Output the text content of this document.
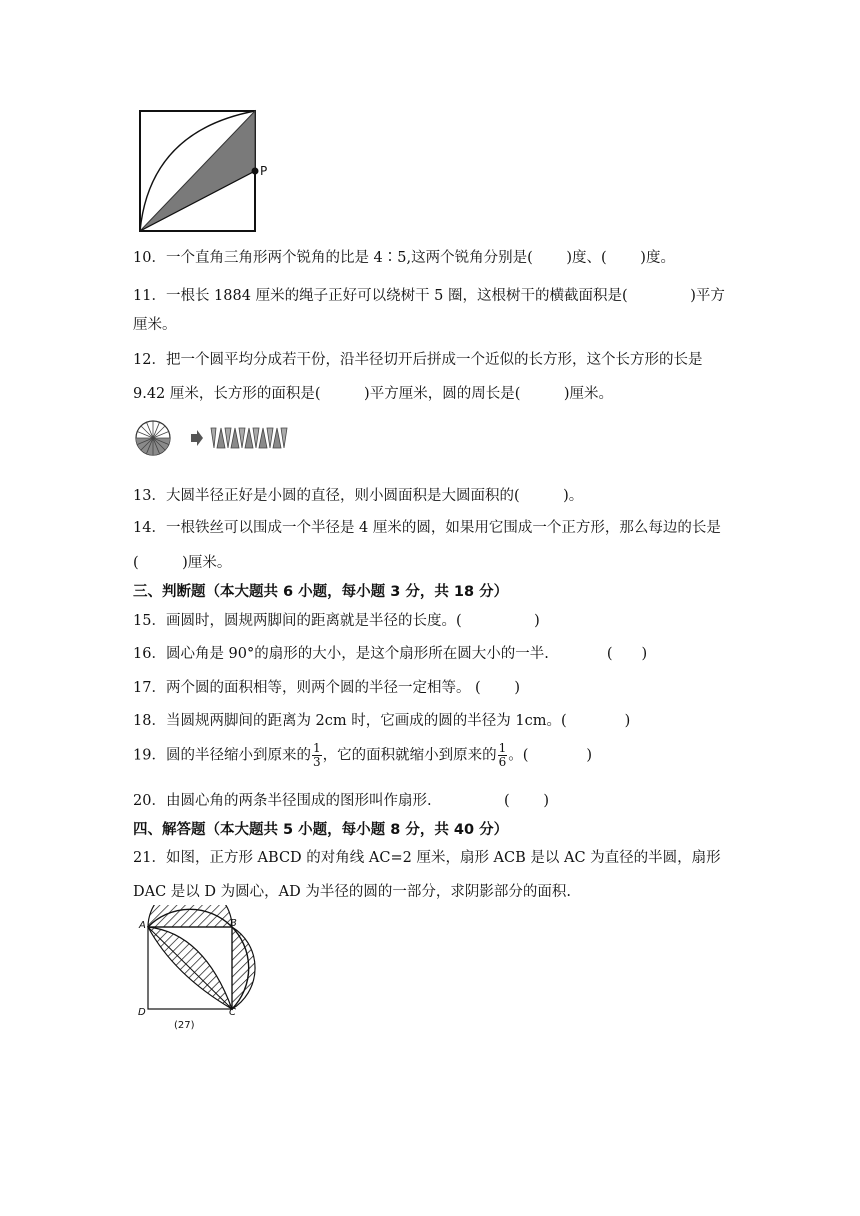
P
10．一个直角三角形两个锐角的比是 4∶5,这两个锐角分别是(　　 )度、(　　 )度。
11．一根长 1884 厘米的绳子正好可以绕树干 5 圈，这根树干的横截面积是(　　　　 )平方
厘米。
12．把一个圆平均分成若干份，沿半径切开后拼成一个近似的长方形，这个长方形的长是
9.42 厘米，长方形的面积是(　　　)平方厘米，圆的周长是(　　　)厘米。
13．大圆半径正好是小圆的直径，则小圆面积是大圆面积的(　　　)。
14．一根铁丝可以围成一个半径是 4 厘米的圆，如果用它围成一个正方形，那么每边的长是
(　　　)厘米。
三、判断题（本大题共 6 小题，每小题 3 分，共 18 分）
15．画圆时，圆规两脚间的距离就是半径的长度。(　　　　　)
16．圆心角是 90°的扇形的大小，是这个扇形所在圆大小的一半.　　　　(　　)
17．两个圆的面积相等，则两个圆的半径一定相等。 (　　 )
18．当圆规两脚间的距离为 2cm 时，它画成的圆的半径为 1cm。(　　　　)
19．圆的半径缩小到原来的 $\frac{1}{3}$ ，它的面积就缩小到原来的 $\frac{1}{6}$ 。(　　　　)
20．由圆心角的两条半径围成的图形叫作扇形.　　　　　(　　 )
四、解答题（本大题共 5 小题，每小题 8 分，共 40 分）
21．如图，正方形 ABCD 的对角线 AC=2 厘米，扇形 ACB 是以 AC 为直径的半圆，扇形
DAC 是以 D 为圆心，AD 为半径的圆的一部分，求阴影部分的面积.
A	B
D	C
(27)
